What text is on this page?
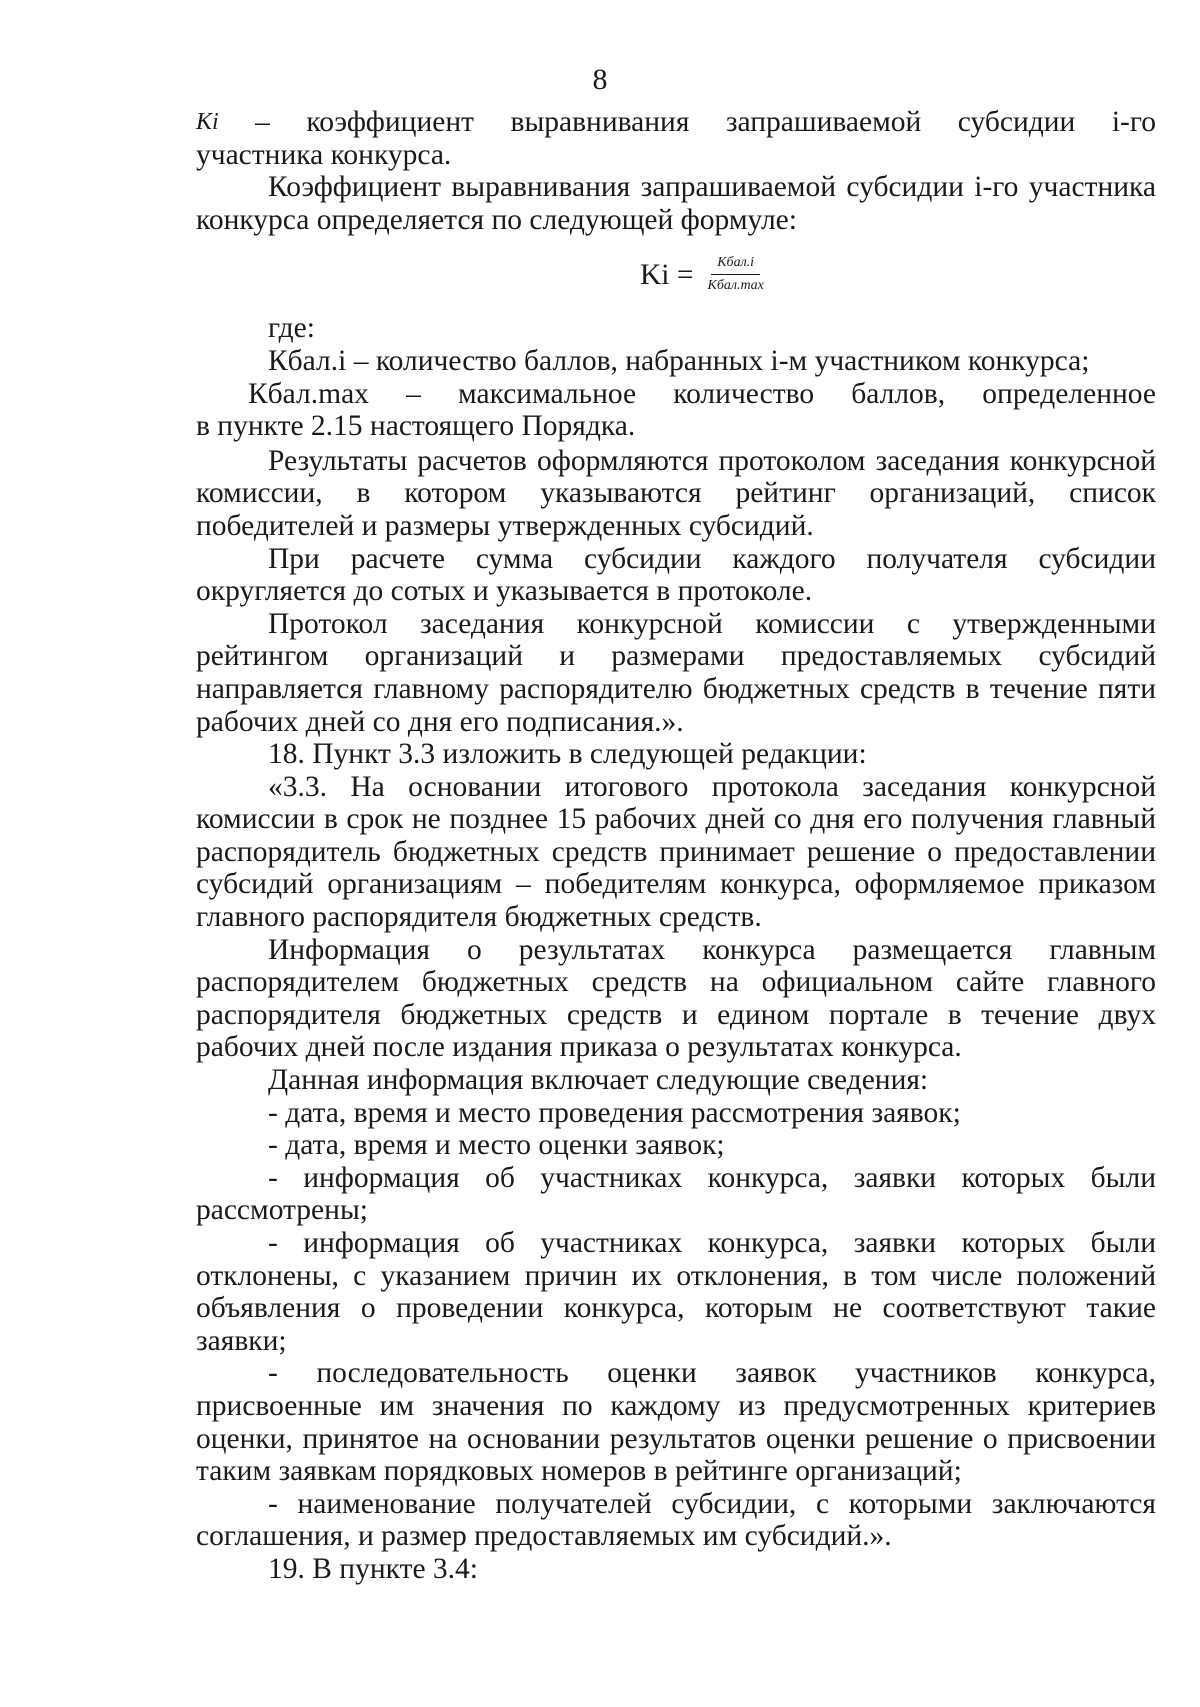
8
Ki – коэффициент выравнивания запрашиваемой субсидии i-го
участника конкурса.

Коэффициент выравнивания запрашиваемой субсидии i-го участника конкурса определяется по следующей формуле:

$Ki = \frac{\text{Кбал.i}}{\text{Кбал.max}}$

где:

Кбал.i – количество баллов, набранных i-м участником конкурса;

Кбал.max – максимальное количество баллов, определенное
в пункте 2.15 настоящего Порядка.

Результаты расчетов оформляются протоколом заседания конкурсной комиссии, в котором указываются рейтинг организаций, список победителей и размеры утвержденных субсидий.

При расчете сумма субсидии каждого получателя субсидии округляется до сотых и указывается в протоколе.

Протокол заседания конкурсной комиссии с утвержденными рейтингом организаций и размерами предоставляемых субсидий направляется главному распорядителю бюджетных средств в течение пяти рабочих дней со дня его подписания.».

18. Пункт 3.3 изложить в следующей редакции:

«3.3. На основании итогового протокола заседания конкурсной комиссии в срок не позднее 15 рабочих дней со дня его получения главный распорядитель бюджетных средств принимает решение о предоставлении субсидий организациям – победителям конкурса, оформляемое приказом главного распорядителя бюджетных средств.

Информация о результатах конкурса размещается главным распорядителем бюджетных средств на официальном сайте главного распорядителя бюджетных средств и едином портале в течение двух рабочих дней после издания приказа о результатах конкурса.

Данная информация включает следующие сведения:

- дата, время и место проведения рассмотрения заявок;

- дата, время и место оценки заявок;

- информация об участниках конкурса, заявки которых были рассмотрены;

- информация об участниках конкурса, заявки которых были отклонены, с указанием причин их отклонения, в том числе положений объявления о проведении конкурса, которым не соответствуют такие заявки;

- последовательность оценки заявок участников конкурса, присвоенные им значения по каждому из предусмотренных критериев оценки, принятое на основании результатов оценки решение о присвоении таким заявкам порядковых номеров в рейтинге организаций;

- наименование получателей субсидии, с которыми заключаются соглашения, и размер предоставляемых им субсидий.».

19. В пункте 3.4:
